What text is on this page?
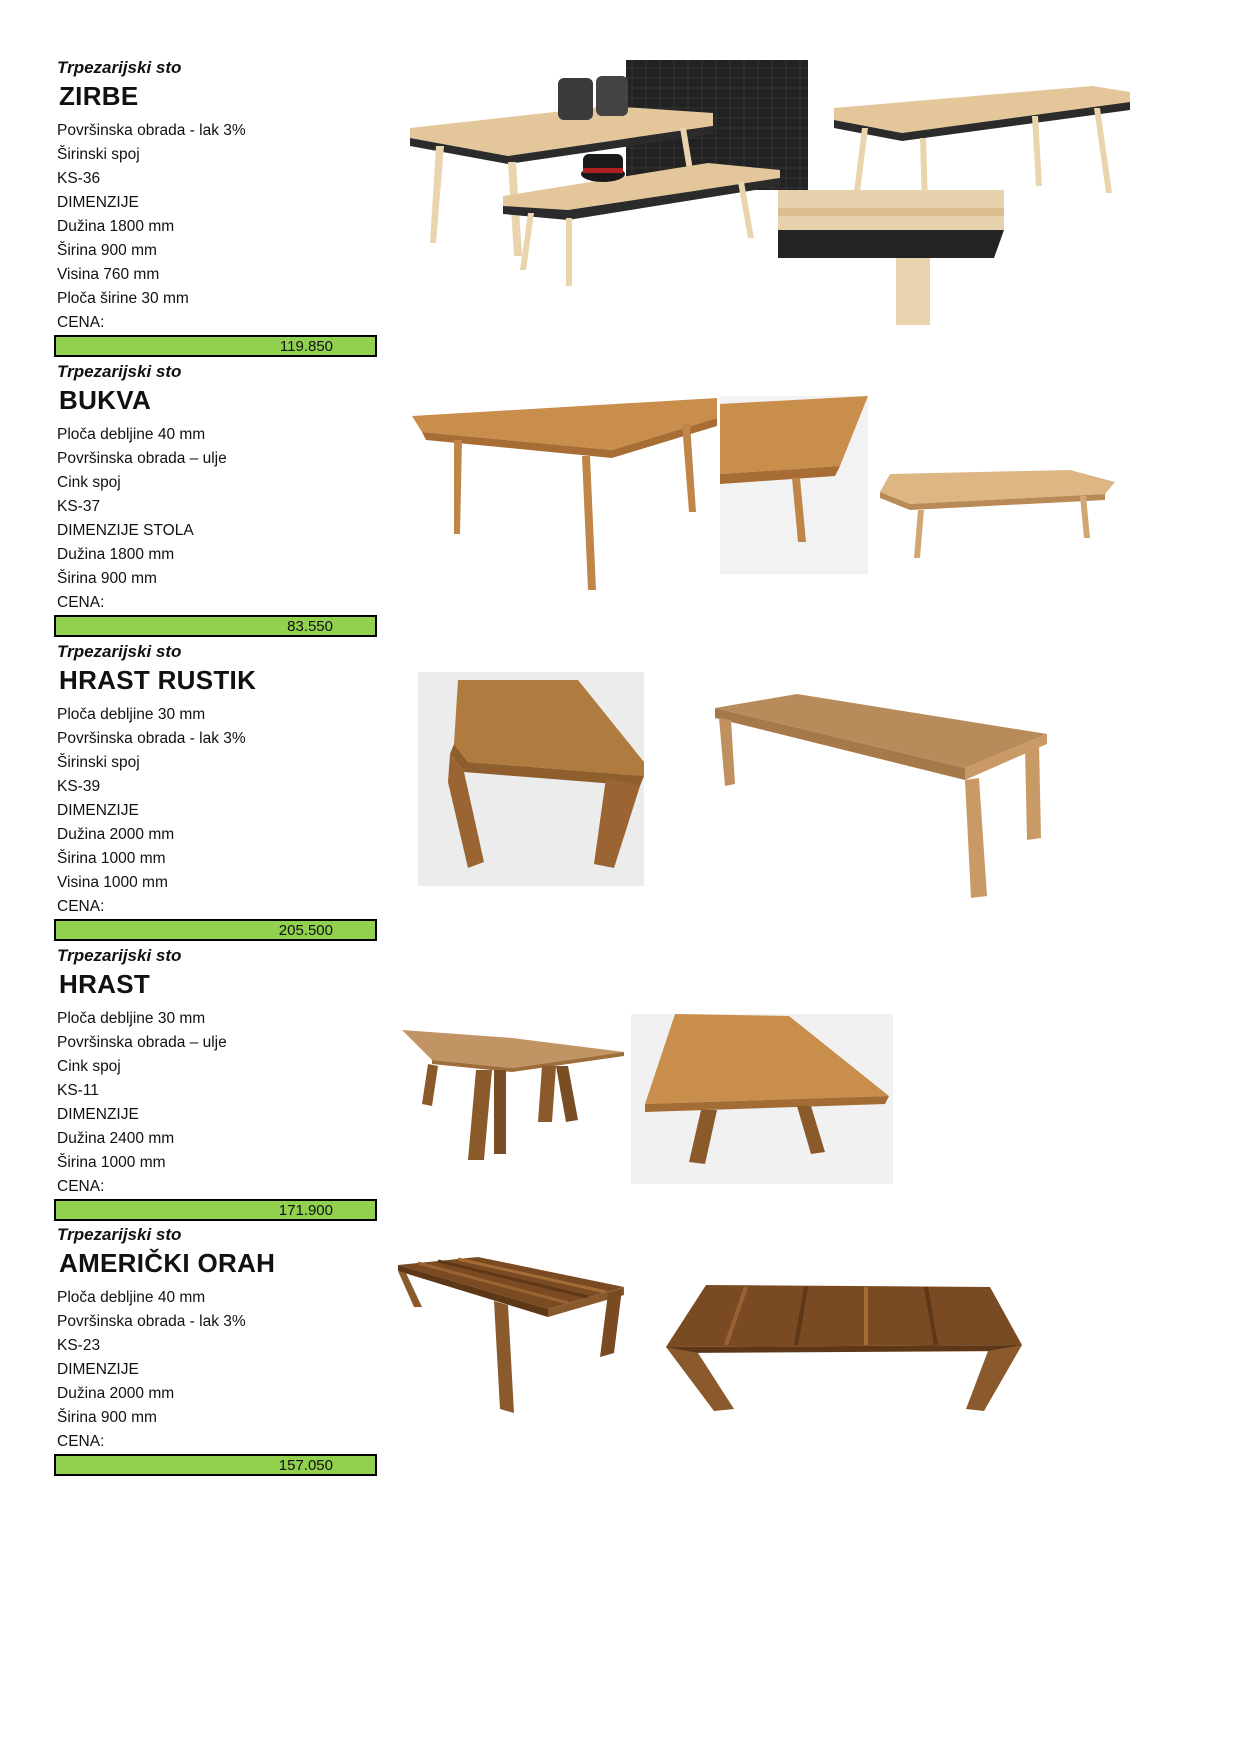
Trpezarijski sto
ZIRBE
Površinska obrada - lak 3%
Širinski spoj
KS-36
DIMENZIJE
Dužina 1800 mm
Širina 900 mm
Visina 760 mm
Ploča širine 30 mm
CENA:
119.850
Trpezarijski sto
BUKVA
Ploča debljine 40 mm
Površinska obrada – ulje
Cink spoj
KS-37
DIMENZIJE STOLA
Dužina 1800 mm
Širina 900 mm
CENA:
83.550
Trpezarijski sto
HRAST RUSTIK
Ploča debljine 30 mm
Površinska obrada - lak 3%
Širinski spoj
KS-39
DIMENZIJE
Dužina 2000 mm
Širina 1000 mm
Visina 1000 mm
CENA:
205.500
Trpezarijski sto
HRAST
Ploča debljine 30 mm
Površinska obrada – ulje
Cink spoj
KS-11
DIMENZIJE
Dužina 2400 mm
Širina 1000 mm
CENA:
171.900
Trpezarijski sto
AMERIČKI ORAH
Ploča debljine 40 mm
Površinska obrada - lak 3%
KS-23
DIMENZIJE
Dužina 2000 mm
Širina 900 mm
CENA:
157.050
